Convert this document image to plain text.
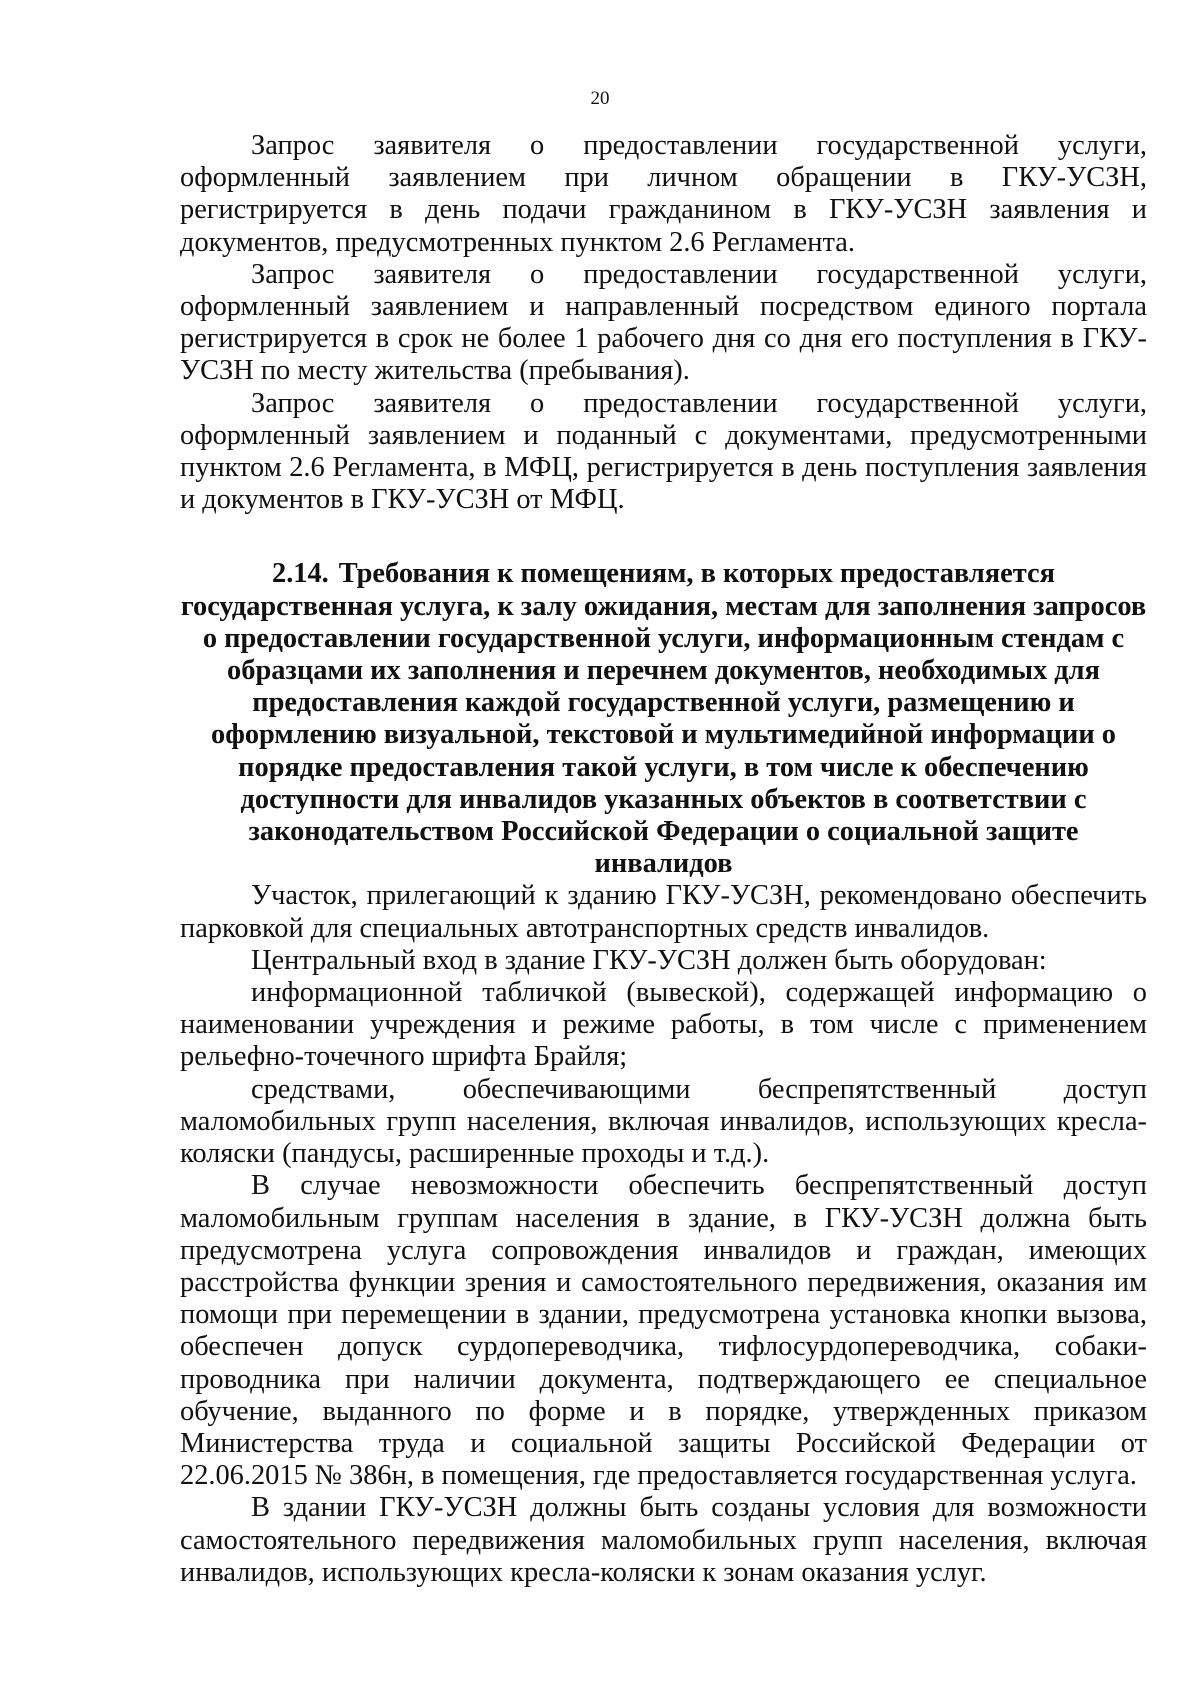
20

Запрос заявителя о предоставлении государственной услуги, оформленный заявлением при личном обращении в ГКУ-УСЗН, регистрируется в день подачи гражданином в ГКУ-УСЗН заявления и документов, предусмотренных пунктом 2.6 Регламента.

Запрос заявителя о предоставлении государственной услуги, оформленный заявлением и направленный посредством единого портала регистрируется в срок не более 1 рабочего дня со дня его поступления в ГКУ-УСЗН по месту жительства (пребывания).

Запрос заявителя о предоставлении государственной услуги, оформленный заявлением и поданный с документами, предусмотренными пунктом 2.6 Регламента, в МФЦ, регистрируется в день поступления заявления и документов в ГКУ-УСЗН от МФЦ.

2.14. Требования к помещениям, в которых предоставляется государственная услуга, к залу ожидания, местам для заполнения запросов о предоставлении государственной услуги, информационным стендам с образцами их заполнения и перечнем документов, необходимых для предоставления каждой государственной услуги, размещению и оформлению визуальной, текстовой и мультимедийной информации о порядке предоставления такой услуги, в том числе к обеспечению доступности для инвалидов указанных объектов в соответствии с законодательством Российской Федерации о социальной защите инвалидов

Участок, прилегающий к зданию ГКУ-УСЗН, рекомендовано обеспечить парковкой для специальных автотранспортных средств инвалидов.

Центральный вход в здание ГКУ-УСЗН должен быть оборудован:

информационной табличкой (вывеской), содержащей информацию о наименовании учреждения и режиме работы, в том числе с применением рельефно-точечного шрифта Брайля;

средствами, обеспечивающими беспрепятственный доступ маломобильных групп населения, включая инвалидов, использующих кресла-коляски (пандусы, расширенные проходы и т.д.).

В случае невозможности обеспечить беспрепятственный доступ маломобильным группам населения в здание, в ГКУ-УСЗН должна быть предусмотрена услуга сопровождения инвалидов и граждан, имеющих расстройства функции зрения и самостоятельного передвижения, оказания им помощи при перемещении в здании, предусмотрена установка кнопки вызова, обеспечен допуск сурдопереводчика, тифлосурдопереводчика, собаки-проводника при наличии документа, подтверждающего ее специальное обучение, выданного по форме и в порядке, утвержденных приказом Министерства труда и социальной защиты Российской Федерации от 22.06.2015 № 386н, в помещения, где предоставляется государственная услуга.

В здании ГКУ-УСЗН должны быть созданы условия для возможности самостоятельного передвижения маломобильных групп населения, включая инвалидов, использующих кресла-коляски к зонам оказания услуг.
